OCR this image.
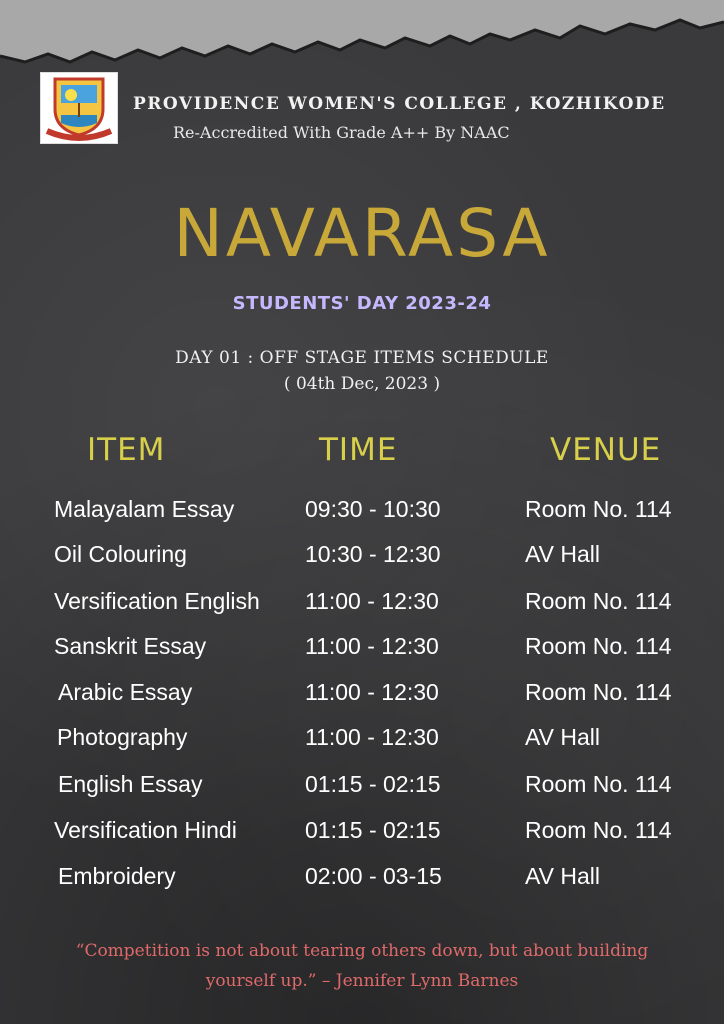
PROVIDENCE WOMEN'S COLLEGE , KOZHIKODE
Re-Accredited With Grade A++ By NAAC
NAVARASA
STUDENTS' DAY 2023-24
DAY 01 : OFF STAGE ITEMS SCHEDULE
( 04th Dec, 2023 )
ITEM	TIME	VENUE
Malayalam Essay	09:30 - 10:30	Room No. 114
Oil Colouring	10:30 - 12:30	AV Hall
Versification English 11:00 - 12:30	Room No. 114
Sanskrit Essay	11:00 - 12:30	Room No. 114
Arabic Essay	11:00 - 12:30	Room No. 114
Photography	11:00 - 12:30	AV Hall
English Essay	01:15 - 02:15	Room No. 114
Versification Hindi	01:15 - 02:15	Room No. 114
Embroidery	02:00 - 03-15	AV Hall
“Competition is not about tearing others down, but about building
yourself up.” – Jennifer Lynn Barnes
